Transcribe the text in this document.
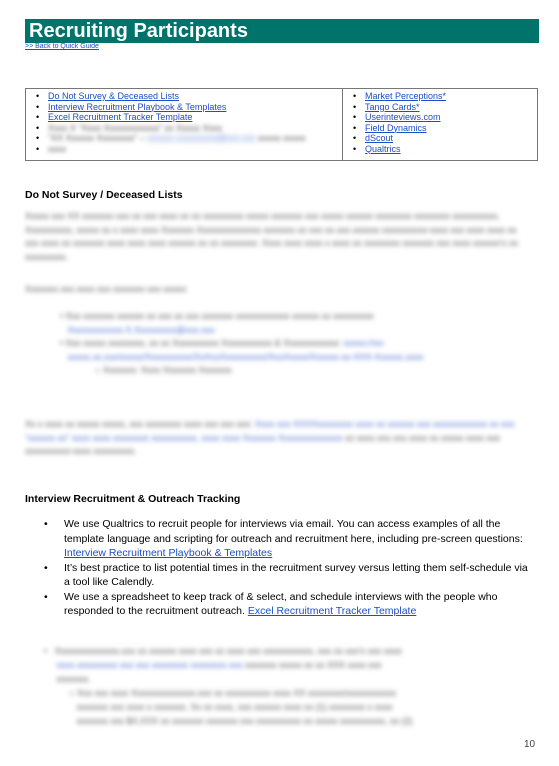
Recruiting Participants
>> Back to Quick Guide
• Do Not Survey & Deceased Lists
• Interview Recruitment Playbook & Templates
• Excel Recruitment Tracker Template
• Xxxx X “Xxxx Xxxxxxxxxxxx” xx Xxxxx Xxxx
• “XX Xxxxxx Xxxxxxxx” – xxxxxx.xxxxxxxxx@xxx.xxx xxxxx xxxxx
• xxxx
• Market Perceptions*
• Tango Cards*
• Userinteviews.com
• Field Dynamics
• dScout
• Qualtrics
Do Not Survey / Deceased Lists
Xxxxx xxx XX xxxxxxx xxx xx xxx xxxx xx xx xxxxxxxxx xxxxx xxxxxxx xxx xxxxx xxxxxx xxxxxxxx xxxxxxxx xxxxxxxxxx. Xxxxxxxxxx, xxxxx xx x xxxx xxxx Xxxxxxx Xxxxxxxxxxxxxx xxxxxxx xx xxx xx xxx xxxxxx xxxxxxxxxx-xxxx xxx xxxx xxxx xx xxx xxxx xx xxxxxxx xxxx xxxx xxxx xxxxxx xx xx xxxxxxxx. Xxxx xxxx xxxx x xxxx xx xxxxxxxx xxxxxxx xxx xxxx xxxxxx’x xx xxxxxxxxx.
Xxxxxxx xxx xxxx xxx xxxxxxx xxx xxxxx:
• Xxx xxxxxxx xxxxxx xx xxx xx xxx xxxxxxx xxxxxxxxxxxx xxxxxx xx xxxxxxxxx
Xxxxxxxxxxxx.X.Xxxxxxxxx@xxx.xxx
• Xxx xxxxx xxxxxxxx, xx xx Xxxxxxxxxx Xxxxxxxxxxx & Xxxxxxxxxxxx: xxxxx://xx-
xxxxx.xx.xxx/xxxxx/Xxxxxxxxxx/XxXxxXxxxxxxxxx/XxxXxxxx/Xxxxxx-xx-XXX-Xxxxxx.xxxx
○ Xxxxxxx: Xxxx Xxxxxxx Xxxxxxx
Xx x xxxx xx xxxxx xxxxx, xxx xxxxxxxx xxxx xxx xxx xxx: Xxxx xxx XXXXxxxxxxxx xxxx xx xxxxxx xxx xxxxxxxxxxxx xx xxx “xxxxxx xx” xxxx xxxx xxxxxxxx xxxxxxxxxx, xxxx xxxx Xxxxxxx Xxxxxxxxxxxxxx xx xxxx xxx xxx xxxx xx xxxxx xxxx xxx xxxxxxxxxx-xxxx xxxxxxxxx.
Interview Recruitment & Outreach Tracking
• We use Qualtrics to recruit people for interviews via email. You can access examples of all the template language and scripting for outreach and recruitment here, including pre-screen questions: Interview Recruitment Playbook & Templates
• It’s best practice to list potential times in the recruitment survey versus letting them self-schedule via a tool like Calendly.
• We use a spreadsheet to keep track of & select, and schedule interviews with the people who responded to the recruitment outreach. Excel Recruitment Tracker Template
•   Xxxxxxxxxxxxxx.xxx xx xxxxxx xxxx xxx xx xxxx xxx xxxxxxxxxxx, xxx xx xxx’x xxx xxxx
xxxx xxxxxxxxx xxx xxx xxxxxxxx xxxxxxxx xxx xxxxxxx xxxxx xx xx XXX xxxx xxx
xxxxxxx.
○ Xxx xxx xxxx Xxxxxxxxxxxxxx.xxx xx xxxxxxxxxx xxxx XX xxxxxxxx/xxxxxxxxxxx
xxxxxxx xxx xxxx x xxxxxxx. Xx xx xxxx, xxx xxxxxx xxxx xx (1) xxxxxxxx x xxxx
xxxxxxx xxx $X,XXX xx xxxxxxx xxxxxxx xxx xxxxxxxxxx xx xxxxx xxxxxxxxxx, xx (2)
10
